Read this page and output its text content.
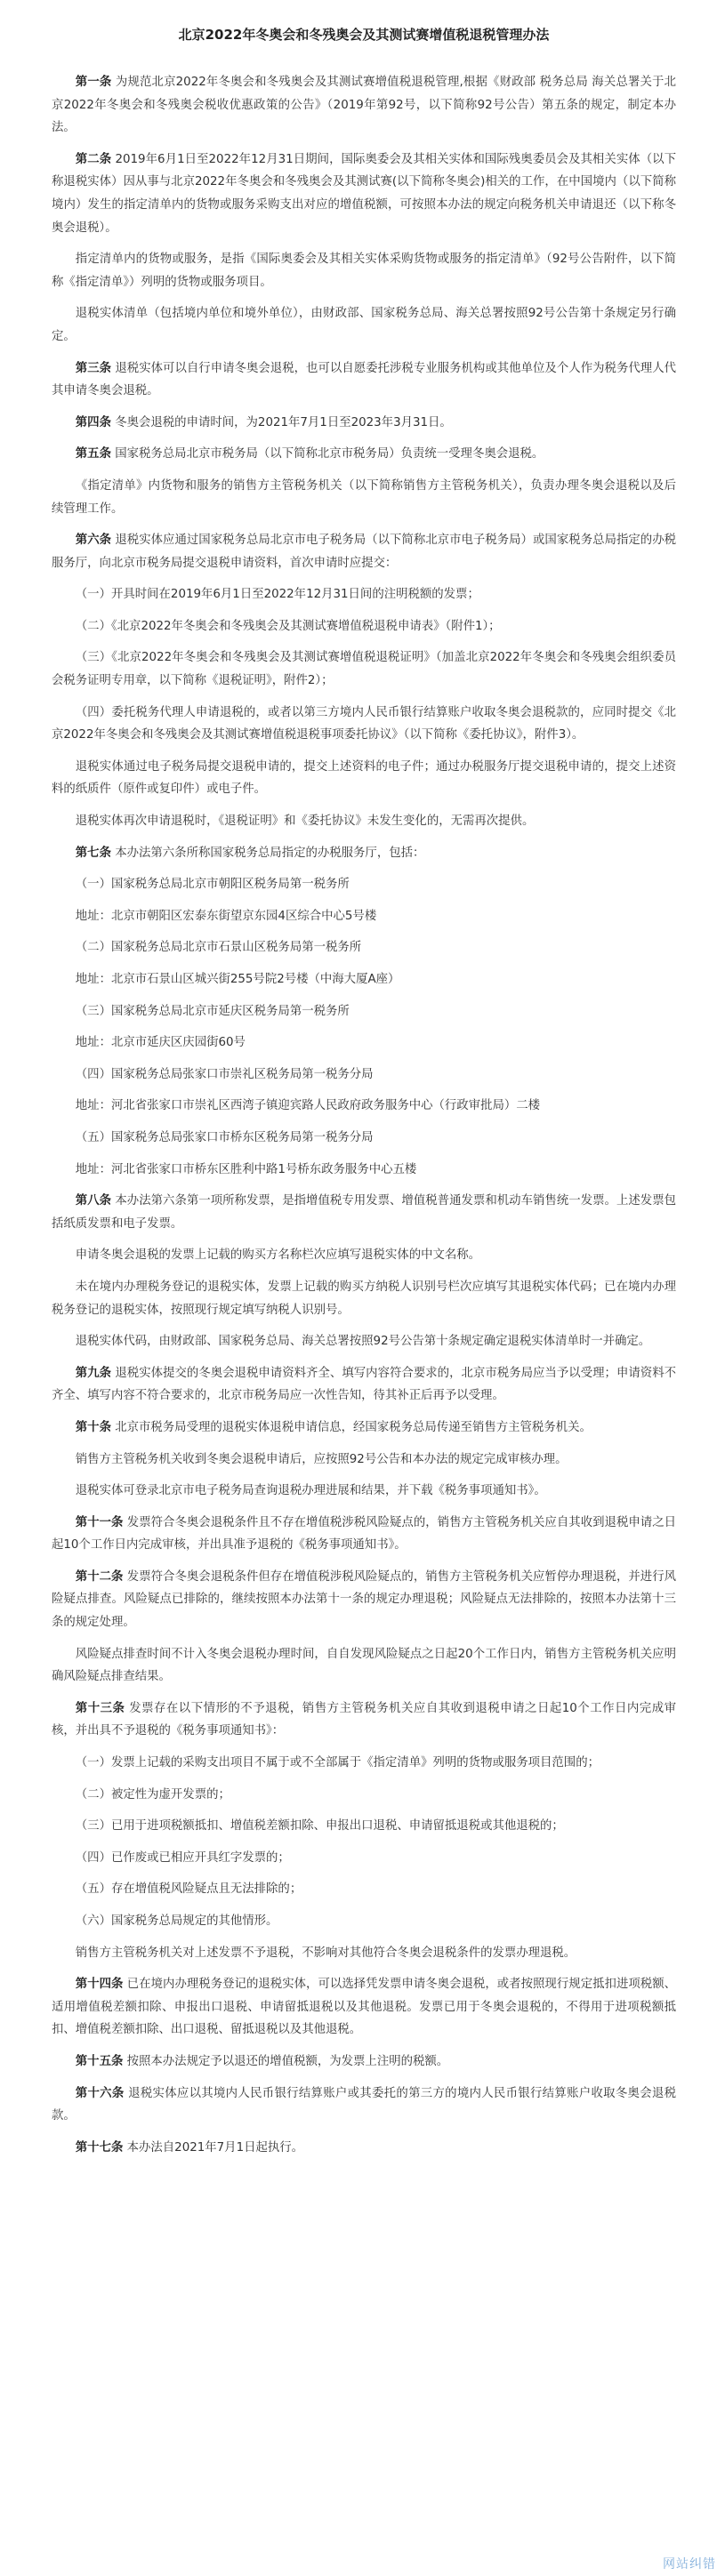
北京2022年冬奥会和冬残奥会及其测试赛增值税退税管理办法

第一条 为规范北京2022年冬奥会和冬残奥会及其测试赛增值税退税管理,根据《财政部 税务总局 海关总署关于北京2022年冬奥会和冬残奥会税收优惠政策的公告》（2019年第92号，以下简称92号公告）第五条的规定，制定本办法。

第二条 2019年6月1日至2022年12月31日期间，国际奥委会及其相关实体和国际残奥委员会及其相关实体（以下称退税实体）因从事与北京2022年冬奥会和冬残奥会及其测试赛(以下简称冬奥会)相关的工作，在中国境内（以下简称境内）发生的指定清单内的货物或服务采购支出对应的增值税额，可按照本办法的规定向税务机关申请退还（以下称冬奥会退税）。

指定清单内的货物或服务，是指《国际奥委会及其相关实体采购货物或服务的指定清单》（92号公告附件，以下简称《指定清单》）列明的货物或服务项目。

退税实体清单（包括境内单位和境外单位），由财政部、国家税务总局、海关总署按照92号公告第十条规定另行确定。

第三条 退税实体可以自行申请冬奥会退税，也可以自愿委托涉税专业服务机构或其他单位及个人作为税务代理人代其申请冬奥会退税。

第四条 冬奥会退税的申请时间，为2021年7月1日至2023年3月31日。

第五条 国家税务总局北京市税务局（以下简称北京市税务局）负责统一受理冬奥会退税。

《指定清单》内货物和服务的销售方主管税务机关（以下简称销售方主管税务机关），负责办理冬奥会退税以及后续管理工作。

第六条 退税实体应通过国家税务总局北京市电子税务局（以下简称北京市电子税务局）或国家税务总局指定的办税服务厅，向北京市税务局提交退税申请资料，首次申请时应提交：

（一）开具时间在2019年6月1日至2022年12月31日间的注明税额的发票；

（二）《北京2022年冬奥会和冬残奥会及其测试赛增值税退税申请表》（附件1）；

（三）《北京2022年冬奥会和冬残奥会及其测试赛增值税退税证明》（加盖北京2022年冬奥会和冬残奥会组织委员会税务证明专用章，以下简称《退税证明》，附件2）；

（四）委托税务代理人申请退税的，或者以第三方境内人民币银行结算账户收取冬奥会退税款的，应同时提交《北京2022年冬奥会和冬残奥会及其测试赛增值税退税事项委托协议》（以下简称《委托协议》，附件3）。

退税实体通过电子税务局提交退税申请的，提交上述资料的电子件；通过办税服务厅提交退税申请的，提交上述资料的纸质件（原件或复印件）或电子件。

退税实体再次申请退税时，《退税证明》和《委托协议》未发生变化的，无需再次提供。

第七条 本办法第六条所称国家税务总局指定的办税服务厅，包括：

（一）国家税务总局北京市朝阳区税务局第一税务所

地址：北京市朝阳区宏泰东街望京东园4区综合中心5号楼

（二）国家税务总局北京市石景山区税务局第一税务所

地址：北京市石景山区城兴街255号院2号楼（中海大厦A座）

（三）国家税务总局北京市延庆区税务局第一税务所

地址：北京市延庆区庆园街60号

（四）国家税务总局张家口市崇礼区税务局第一税务分局

地址：河北省张家口市崇礼区西湾子镇迎宾路人民政府政务服务中心（行政审批局）二楼

（五）国家税务总局张家口市桥东区税务局第一税务分局

地址：河北省张家口市桥东区胜利中路1号桥东政务服务中心五楼

第八条 本办法第六条第一项所称发票，是指增值税专用发票、增值税普通发票和机动车销售统一发票。上述发票包括纸质发票和电子发票。

申请冬奥会退税的发票上记载的购买方名称栏次应填写退税实体的中文名称。

未在境内办理税务登记的退税实体，发票上记载的购买方纳税人识别号栏次应填写其退税实体代码；已在境内办理税务登记的退税实体，按照现行规定填写纳税人识别号。

退税实体代码，由财政部、国家税务总局、海关总署按照92号公告第十条规定确定退税实体清单时一并确定。

第九条 退税实体提交的冬奥会退税申请资料齐全、填写内容符合要求的，北京市税务局应当予以受理；申请资料不齐全、填写内容不符合要求的，北京市税务局应一次性告知，待其补正后再予以受理。

第十条 北京市税务局受理的退税实体退税申请信息，经国家税务总局传递至销售方主管税务机关。

销售方主管税务机关收到冬奥会退税申请后，应按照92号公告和本办法的规定完成审核办理。

退税实体可登录北京市电子税务局查询退税办理进展和结果，并下载《税务事项通知书》。

第十一条 发票符合冬奥会退税条件且不存在增值税涉税风险疑点的，销售方主管税务机关应自其收到退税申请之日起10个工作日内完成审核，并出具准予退税的《税务事项通知书》。

第十二条 发票符合冬奥会退税条件但存在增值税涉税风险疑点的，销售方主管税务机关应暂停办理退税，并进行风险疑点排查。风险疑点已排除的，继续按照本办法第十一条的规定办理退税；风险疑点无法排除的，按照本办法第十三条的规定处理。

风险疑点排查时间不计入冬奥会退税办理时间，自自发现风险疑点之日起20个工作日内，销售方主管税务机关应明确风险疑点排查结果。

第十三条 发票存在以下情形的不予退税，销售方主管税务机关应自其收到退税申请之日起10个工作日内完成审核，并出具不予退税的《税务事项通知书》：

（一）发票上记载的采购支出项目不属于或不全部属于《指定清单》列明的货物或服务项目范围的；

（二）被定性为虚开发票的；

（三）已用于进项税额抵扣、增值税差额扣除、申报出口退税、申请留抵退税或其他退税的；

（四）已作废或已相应开具红字发票的；

（五）存在增值税风险疑点且无法排除的；

（六）国家税务总局规定的其他情形。

销售方主管税务机关对上述发票不予退税，不影响对其他符合冬奥会退税条件的发票办理退税。

第十四条 已在境内办理税务登记的退税实体，可以选择凭发票申请冬奥会退税，或者按照现行规定抵扣进项税额、适用增值税差额扣除、申报出口退税、申请留抵退税以及其他退税。发票已用于冬奥会退税的，不得用于进项税额抵扣、增值税差额扣除、出口退税、留抵退税以及其他退税。

第十五条 按照本办法规定予以退还的增值税额，为发票上注明的税额。

第十六条 退税实体应以其境内人民币银行结算账户或其委托的第三方的境内人民币银行结算账户收取冬奥会退税款。

第十七条 本办法自2021年7月1日起执行。

网站纠错
